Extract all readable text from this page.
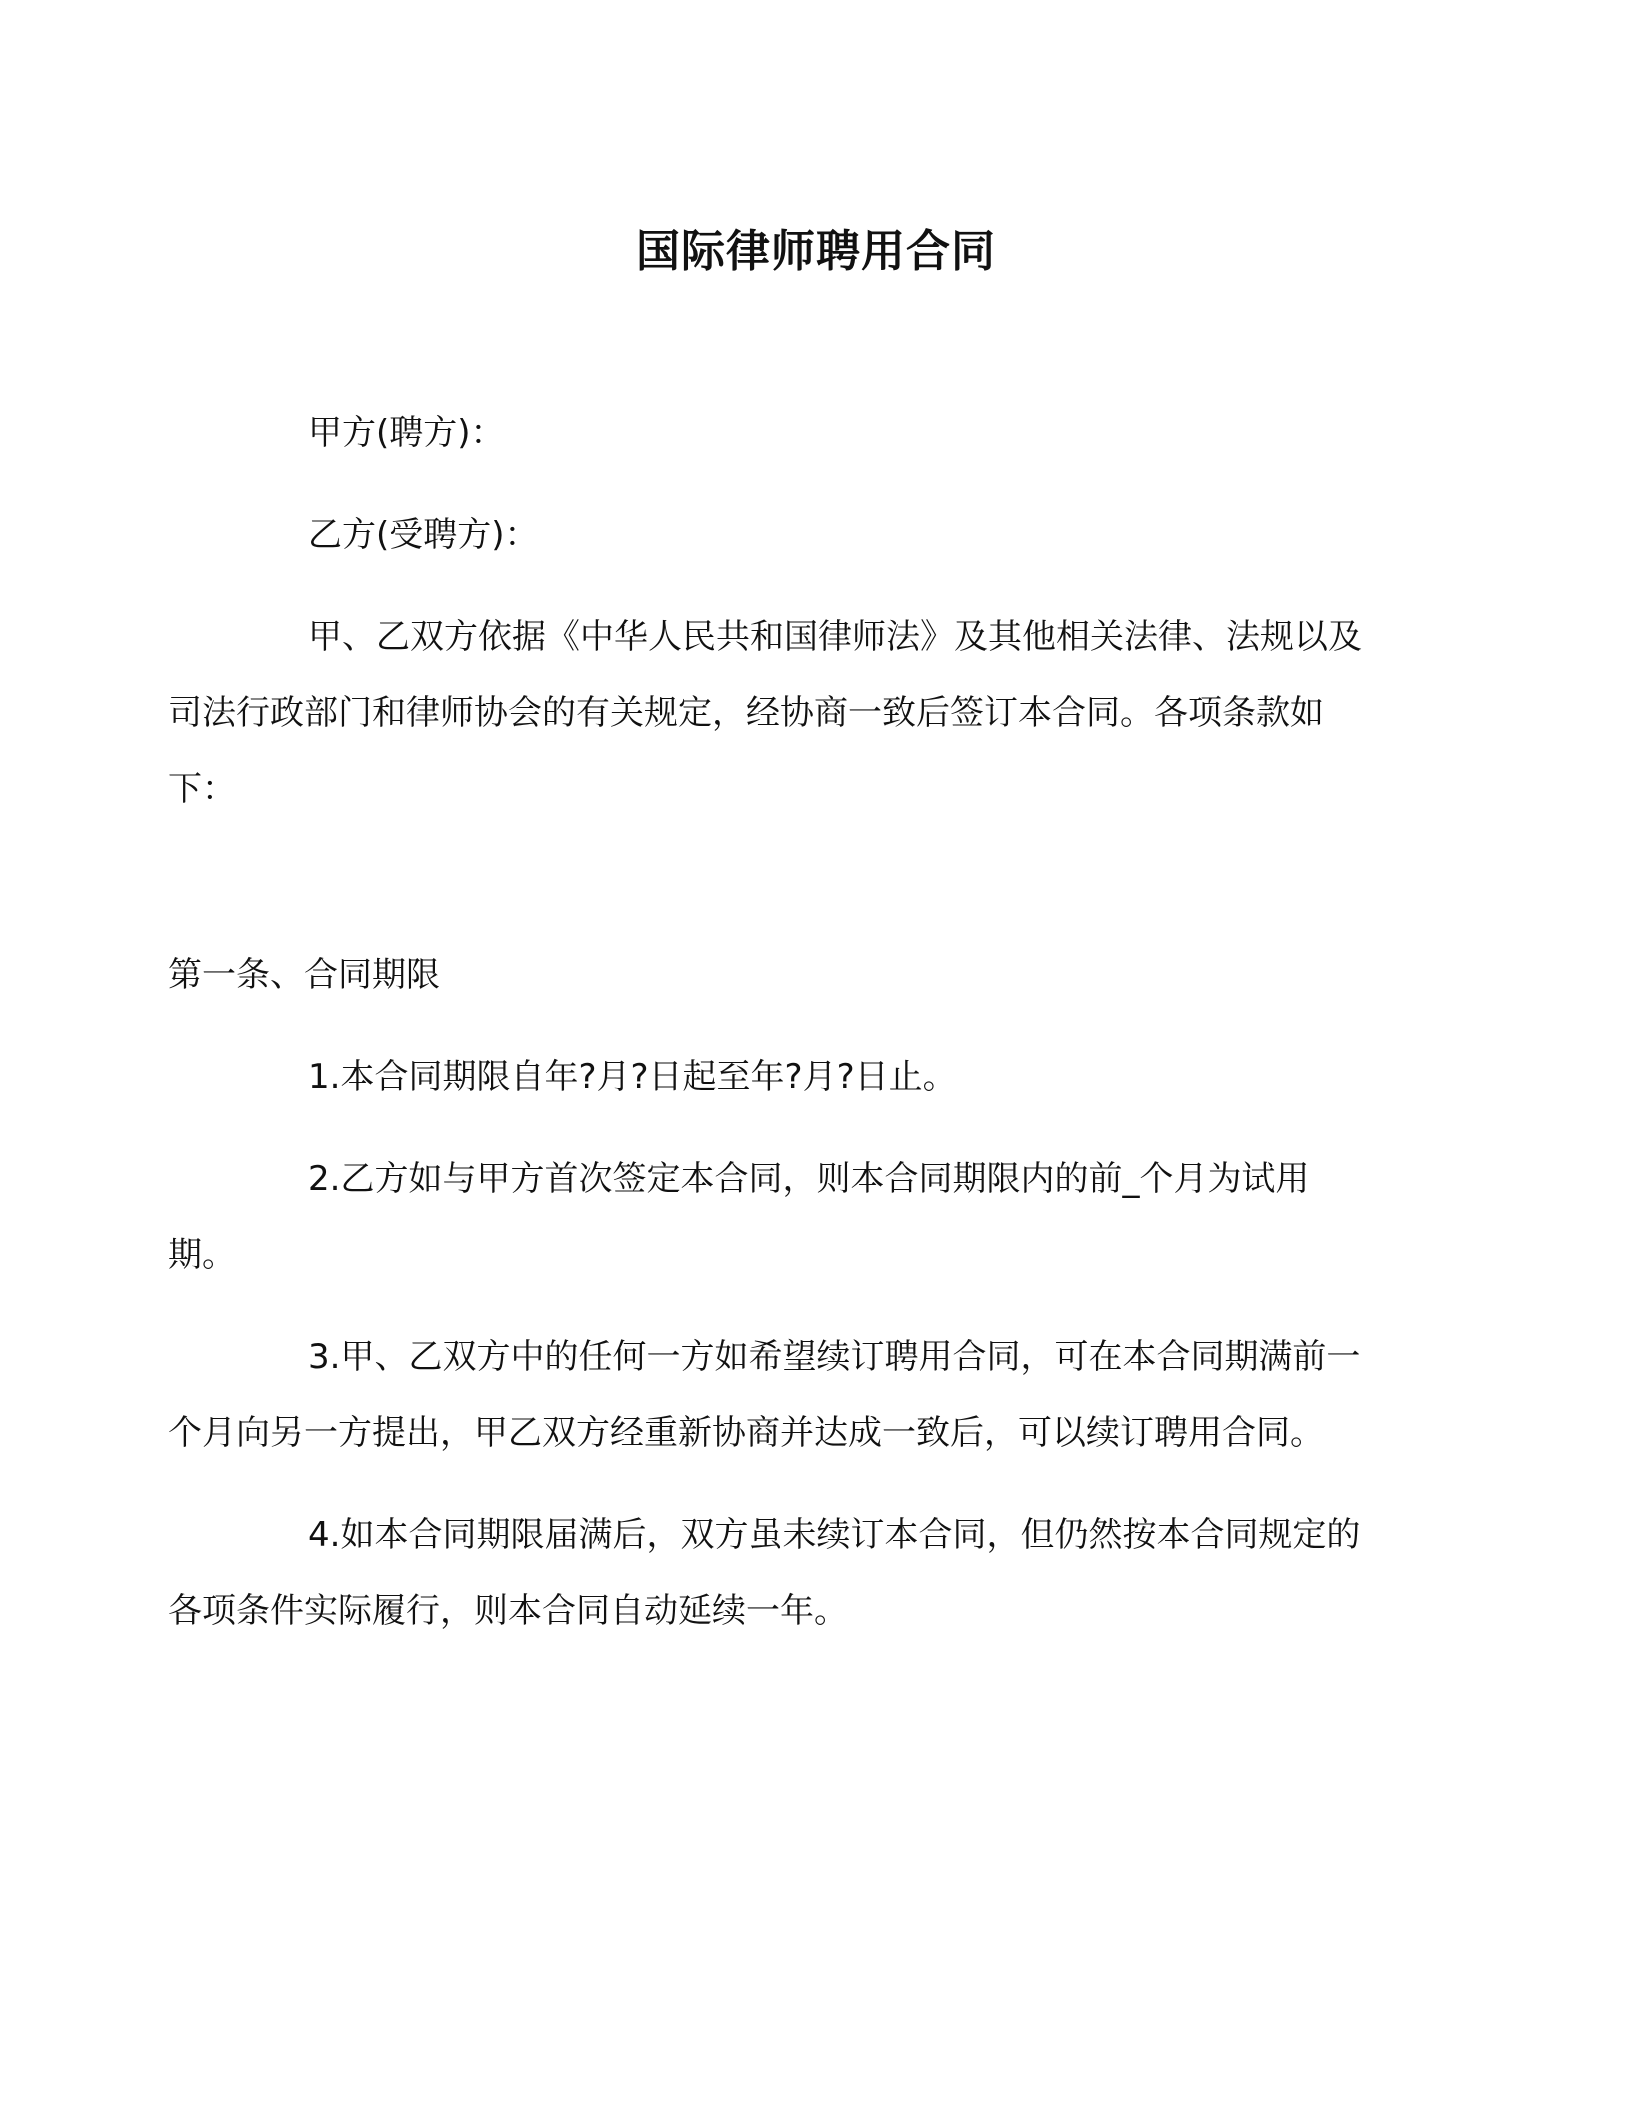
国际律师聘用合同

甲方(聘方)：

乙方(受聘方)：

甲、乙双方依据《中华人民共和国律师法》及其他相关法律、法规以及司法行政部门和律师协会的有关规定，经协商一致后签订本合同。各项条款如下：

第一条、合同期限

1.本合同期限自年?月?日起至年?月?日止。

2.乙方如与甲方首次签定本合同，则本合同期限内的前_个月为试用期。

3.甲、乙双方中的任何一方如希望续订聘用合同，可在本合同期满前一个月向另一方提出，甲乙双方经重新协商并达成一致后，可以续订聘用合同。

4.如本合同期限届满后，双方虽未续订本合同，但仍然按本合同规定的各项条件实际履行，则本合同自动延续一年。
